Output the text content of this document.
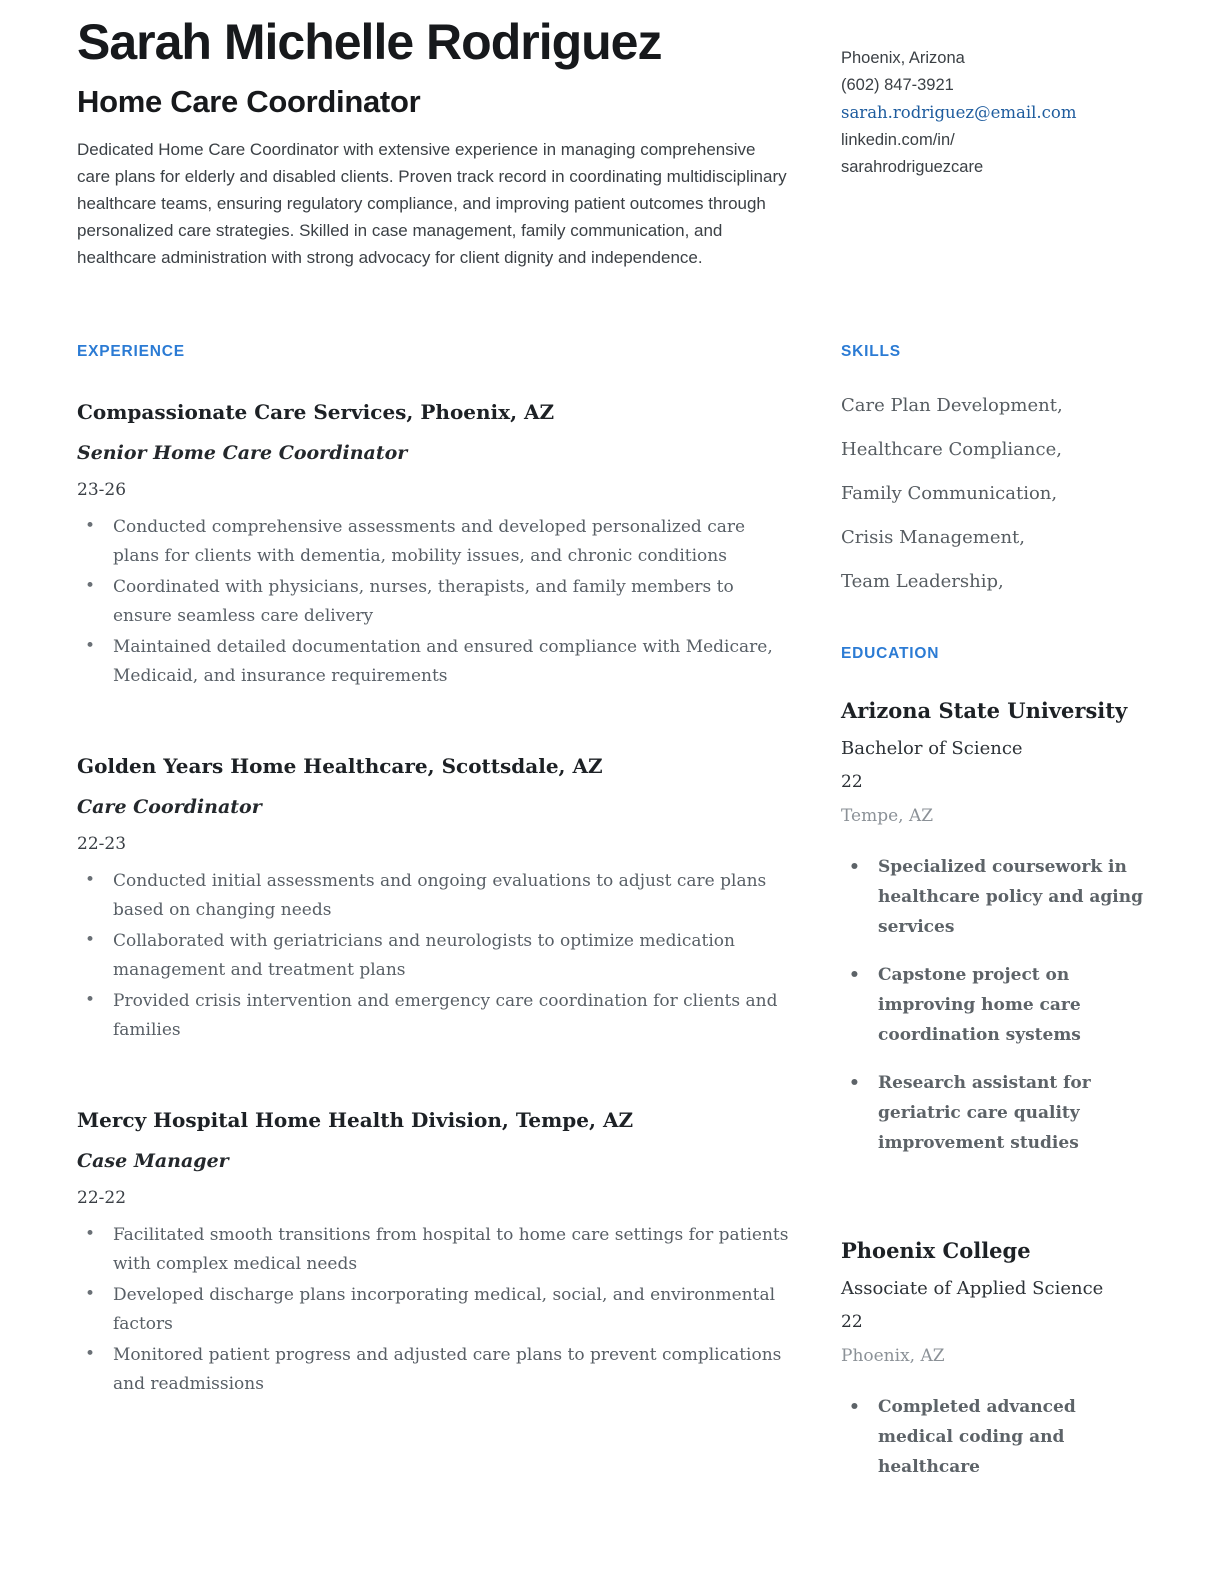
Sarah Michelle Rodriguez
Home Care Coordinator

Dedicated Home Care Coordinator with extensive experience in managing comprehensive care plans for elderly and disabled clients. Proven track record in coordinating multidisciplinary healthcare teams, ensuring regulatory compliance, and improving patient outcomes through personalized care strategies. Skilled in case management, family communication, and healthcare administration with strong advocacy for client dignity and independence.

Phoenix, Arizona
(602) 847-3921
sarah.rodriguez@email.com
linkedin.com/in/
sarahrodriguezcare
EXPERIENCE
Compassionate Care Services, Phoenix, AZ
Senior Home Care Coordinator
23-26
• Conducted comprehensive assessments and developed personalized care plans for clients with dementia, mobility issues, and chronic conditions
• Coordinated with physicians, nurses, therapists, and family members to ensure seamless care delivery
• Maintained detailed documentation and ensured compliance with Medicare, Medicaid, and insurance requirements
Golden Years Home Healthcare, Scottsdale, AZ
Care Coordinator
22-23
• Conducted initial assessments and ongoing evaluations to adjust care plans based on changing needs
• Collaborated with geriatricians and neurologists to optimize medication management and treatment plans
• Provided crisis intervention and emergency care coordination for clients and families
Mercy Hospital Home Health Division, Tempe, AZ
Case Manager
22-22
• Facilitated smooth transitions from hospital to home care settings for patients with complex medical needs
• Developed discharge plans incorporating medical, social, and environmental factors
• Monitored patient progress and adjusted care plans to prevent complications and readmissions
SKILLS
Care Plan Development,
Healthcare Compliance,
Family Communication,
Crisis Management,
Team Leadership,
EDUCATION
Arizona State University
Bachelor of Science
22
Tempe, AZ
• Specialized coursework in healthcare policy and aging services
• Capstone project on improving home care coordination systems
• Research assistant for geriatric care quality improvement studies
Phoenix College
Associate of Applied Science
22
Phoenix, AZ
• Completed advanced medical coding and healthcare
